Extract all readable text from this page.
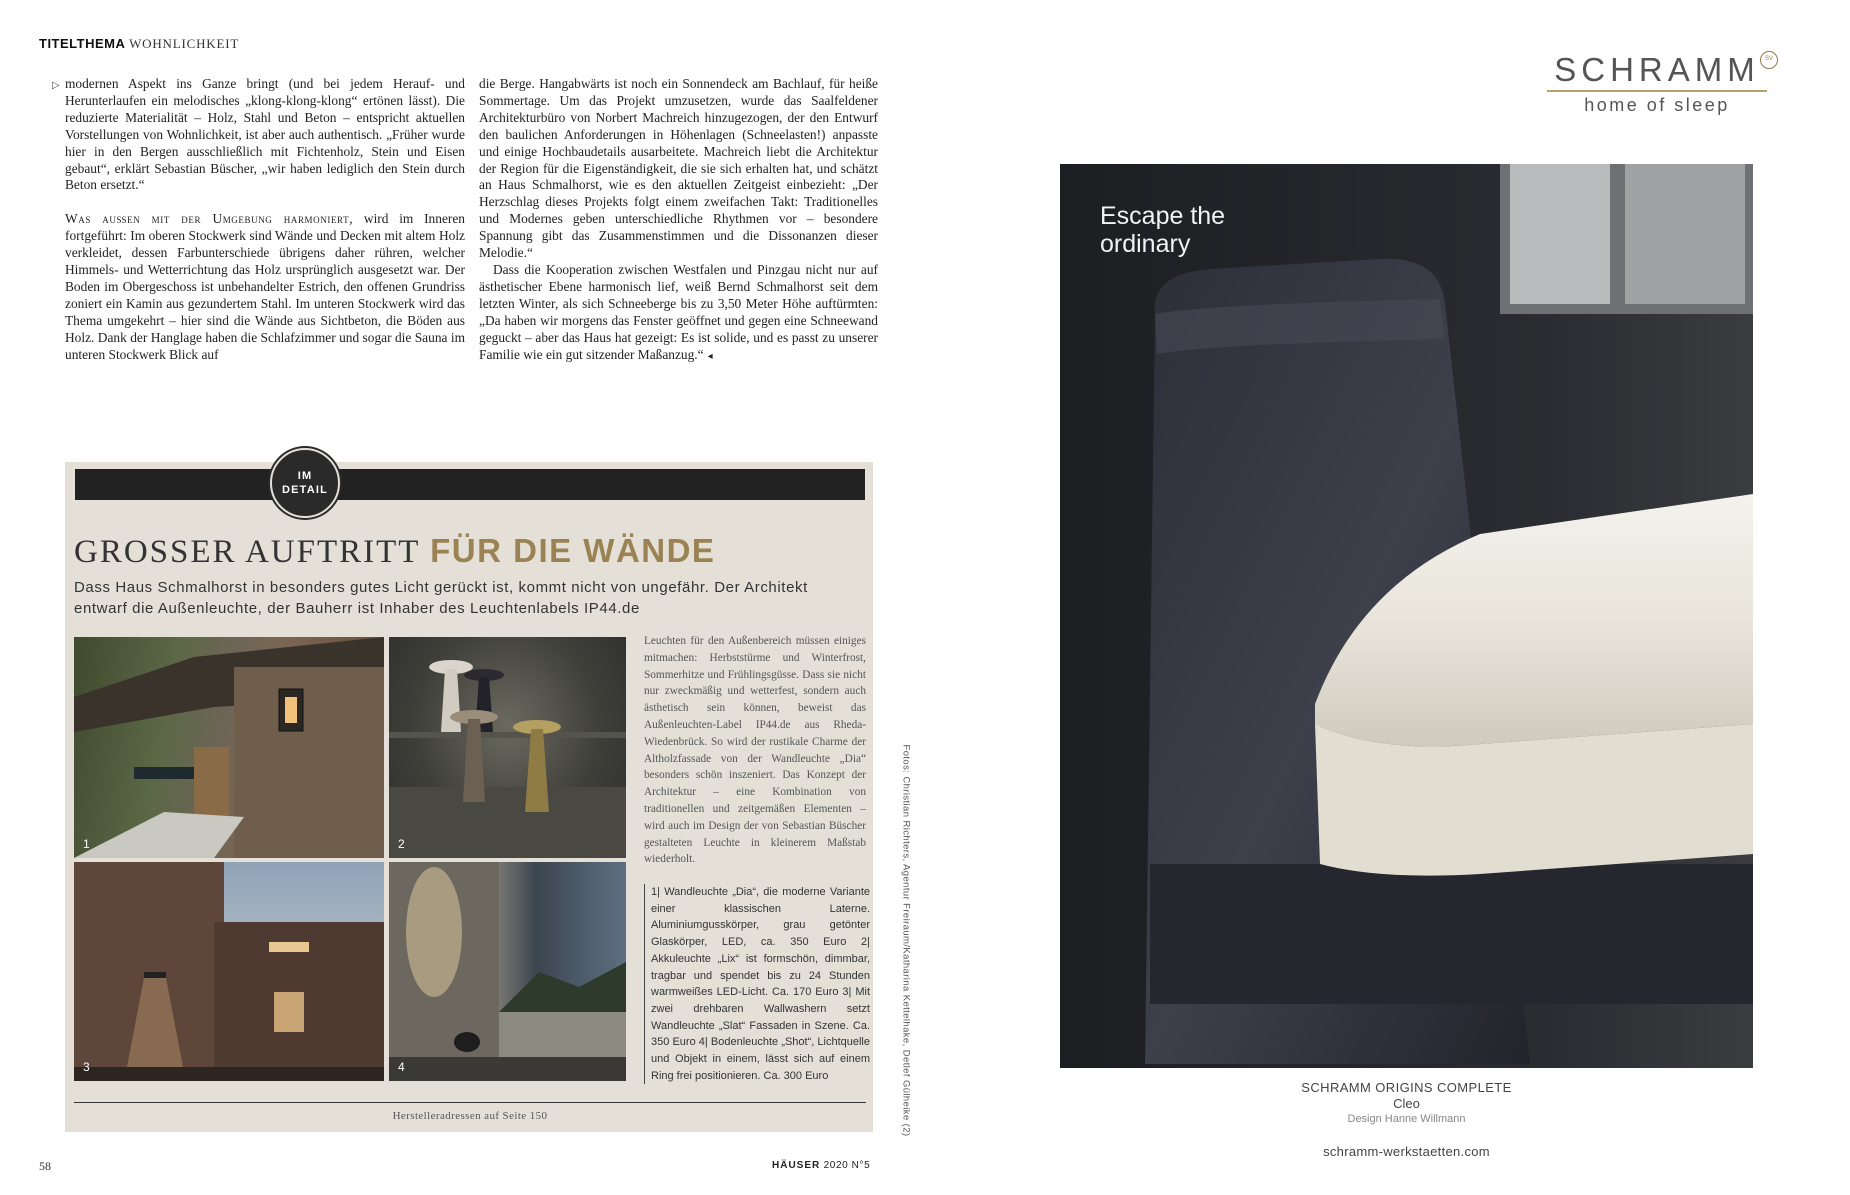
TITELTHEMA WOHNLICHKEIT
▷ modernen Aspekt ins Ganze bringt (und bei jedem Herauf- und Herunterlaufen ein melodisches „klong-klong-klong“ ertönen lässt). Die reduzierte Materialität – Holz, Stahl und Beton – entspricht aktuellen Vorstellungen von Wohnlichkeit, ist aber auch authentisch. „Früher wurde hier in den Bergen ausschließlich mit Fichtenholz, Stein und Eisen gebaut“, erklärt Sebastian Büscher, „wir haben lediglich den Stein durch Beton ersetzt.“

Was außen mit der Umgebung harmoniert, wird im Inneren fortgeführt: Im oberen Stockwerk sind Wände und Decken mit altem Holz verkleidet, dessen Farbunterschiede übrigens daher rühren, welcher Himmels- und Wetterrichtung das Holz ursprünglich ausgesetzt war. Der Boden im Obergeschoss ist unbehandelter Estrich, den offenen Grundriss zoniert ein Kamin aus gezundertem Stahl. Im unteren Stockwerk wird das Thema umgekehrt – hier sind die Wände aus Sichtbeton, die Böden aus Holz. Dank der Hanglage haben die Schlafzimmer und sogar die Sauna im unteren Stockwerk Blick auf

die Berge. Hangabwärts ist noch ein Sonnendeck am Bachlauf, für heiße Sommertage. Um das Projekt umzusetzen, wurde das Saalfeldener Architekturbüro von Norbert Machreich hinzugezogen, der den Entwurf den baulichen Anforderungen in Höhenlagen (Schneelasten!) anpasste und einige Hochbaudetails ausarbeitete. Machreich liebt die Architektur der Region für die Eigenständigkeit, die sie sich erhalten hat, und schätzt an Haus Schmalhorst, wie es den aktuellen Zeitgeist einbezieht: „Der Herzschlag dieses Projekts folgt einem zweifachen Takt: Traditionelles und Modernes geben unterschiedliche Rhythmen vor – besondere Spannung gibt das Zusammenstimmen und die Dissonanzen dieser Melodie.“

Dass die Kooperation zwischen Westfalen und Pinzgau nicht nur auf ästhetischer Ebene harmonisch lief, weiß Bernd Schmalhorst seit dem letzten Winter, als sich Schneeberge bis zu 3,50 Meter Höhe auftürmten: „Da haben wir morgens das Fenster geöffnet und gegen eine Schneewand geguckt – aber das Haus hat gezeigt: Es ist solide, und es passt zu unserer Familie wie ein gut sitzender Maßanzug.“ ◂

IM
DETAIL
GROSSER AUFTRITT FÜR DIE WÄNDE
Dass Haus Schmalhorst in besonders gutes Licht gerückt ist, kommt nicht von ungefähr. Der Architekt entwarf die Außenleuchte, der Bauherr ist Inhaber des Leuchtenlabels IP44.de
1	2
3	4
Leuchten für den Außenbereich müssen einiges mitmachen: Herbststürme und Winterfrost, Sommerhitze und Frühlingsgüsse. Dass sie nicht nur zweckmäßig und wetterfest, sondern auch ästhetisch sein können, beweist das Außenleuchten-Label IP44.de aus Rheda-Wiedenbrück. So wird der rustikale Charme der Altholzfassade von der Wandleuchte „Dia“ besonders schön inszeniert. Das Konzept der Architektur – eine Kombination von traditionellen und zeitgemäßen Elementen – wird auch im Design der von Sebastian Büscher gestalteten Leuchte in kleinerem Maßstab wiederholt.
1| Wandleuchte „Dia“, die moderne Variante einer klassischen Laterne. Aluminiumgusskörper, grau getönter Glaskörper, LED, ca. 350 Euro 2| Akkuleuchte „Lix“ ist formschön, dimmbar, tragbar und spendet bis zu 24 Stunden warmweißes LED-Licht. Ca. 170 Euro 3| Mit zwei drehbaren Wallwashern setzt Wandleuchte „Slat“ Fassaden in Szene. Ca. 350 Euro 4| Bodenleuchte „Shot“, Lichtquelle und Objekt in einem, lässt sich auf einem Ring frei positionieren. Ca. 300 Euro
Herstelleradressen auf Seite 150	Fotos: Christian Richters, Agentur Freiraum/Katharina Kettelhake, Detlef Gülheike (2)
58	HÄUSER 2020 N°5
SCHRAMM
home of sleep
SV
Escape the
ordinary
SCHRAMM ORIGINS COMPLETE
Cleo
Design Hanne Willmann
schramm-werkstaetten.com
